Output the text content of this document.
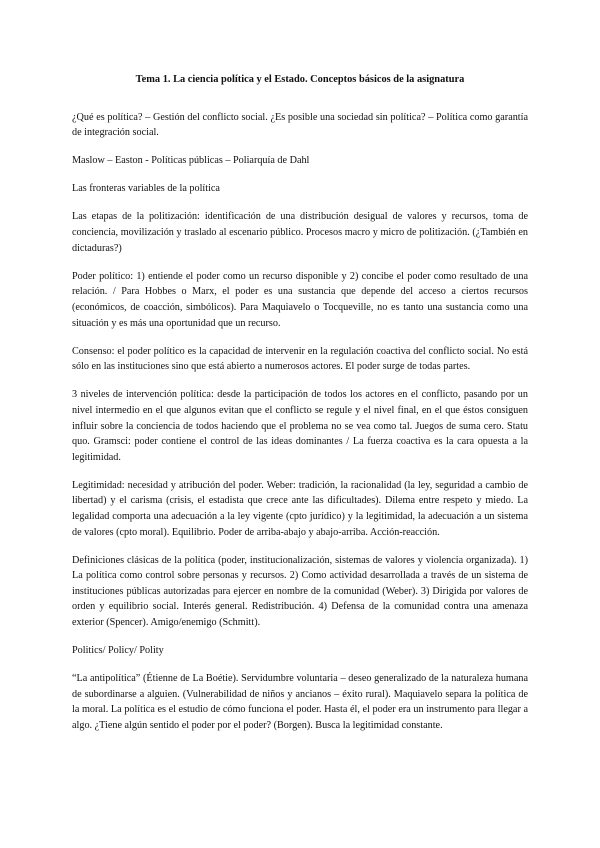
Tema 1. La ciencia política y el Estado. Conceptos básicos de la asignatura

¿Qué es política? – Gestión del conflicto social. ¿Es posible una sociedad sin política? – Política como garantía de integración social.

Maslow – Easton - Políticas públicas – Poliarquía de Dahl

Las fronteras variables de la política

Las etapas de la politización: identificación de una distribución desigual de valores y recursos, toma de conciencia, movilización y traslado al escenario público. Procesos macro y micro de politización. (¿También en dictaduras?)

Poder político: 1) entiende el poder como un recurso disponible y 2) concibe el poder como resultado de una relación. / Para Hobbes o Marx, el poder es una sustancia que depende del acceso a ciertos recursos (económicos, de coacción, simbólicos). Para Maquiavelo o Tocqueville, no es tanto una sustancia como una situación y es más una oportunidad que un recurso.

Consenso: el poder político es la capacidad de intervenir en la regulación coactiva del conflicto social. No está sólo en las instituciones sino que está abierto a numerosos actores. El poder surge de todas partes.

3 niveles de intervención política: desde la participación de todos los actores en el conflicto, pasando por un nivel intermedio en el que algunos evitan que el conflicto se regule y el nivel final, en el que éstos consiguen influir sobre la conciencia de todos haciendo que el problema no se vea como tal. Juegos de suma cero. Statu quo. Gramsci: poder contiene el control de las ideas dominantes / La fuerza coactiva es la cara opuesta a la legitimidad.

Legitimidad: necesidad y atribución del poder. Weber: tradición, la racionalidad (la ley, seguridad a cambio de libertad) y el carisma (crisis, el estadista que crece ante las dificultades). Dilema entre respeto y miedo. La legalidad comporta una adecuación a la ley vigente (cpto jurídico) y la legitimidad, la adecuación a un sistema de valores (cpto moral). Equilibrio. Poder de arriba-abajo y abajo-arriba. Acción-reacción.

Definiciones clásicas de la política (poder, institucionalización, sistemas de valores y violencia organizada). 1) La política como control sobre personas y recursos. 2) Como actividad desarrollada a través de un sistema de instituciones públicas autorizadas para ejercer en nombre de la comunidad (Weber). 3) Dirigida por valores de orden y equilibrio social. Interés general. Redistribución. 4) Defensa de la comunidad contra una amenaza exterior (Spencer). Amigo/enemigo (Schmitt).

Politics/ Policy/ Polity

“La antipolítica” (Étienne de La Boétie). Servidumbre voluntaria – deseo generalizado de la naturaleza humana de subordinarse a alguien. (Vulnerabilidad de niños y ancianos – éxito rural). Maquiavelo separa la política de la moral. La política es el estudio de cómo funciona el poder. Hasta él, el poder era un instrumento para llegar a algo. ¿Tiene algún sentido el poder por el poder? (Borgen). Busca la legitimidad constante.
